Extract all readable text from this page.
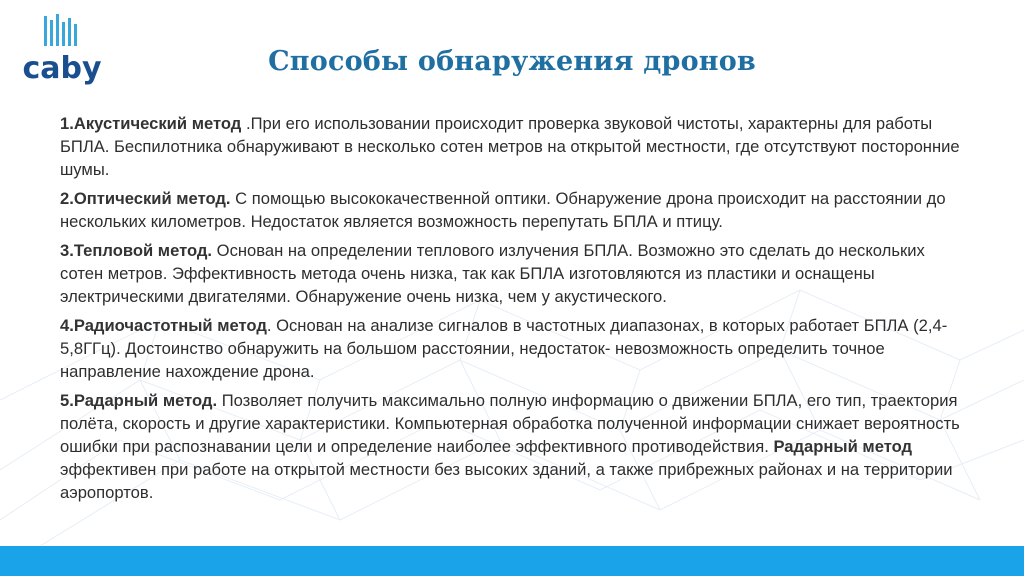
caby	Способы обнаружения дронов

1.Акустический метод .При его использовании происходит проверка звуковой чистоты, характерны для работы БПЛА. Беспилотника обнаруживают в несколько сотен метров на открытой местности, где отсутствуют посторонние шумы.

2.Оптический метод. С помощью высококачественной оптики. Обнаружение дрона происходит на расстоянии до нескольких километров. Недостаток является возможность перепутать БПЛА и птицу.

3.Тепловой метод. Основан на определении теплового излучения БПЛА. Возможно это сделать до нескольких сотен метров. Эффективность метода очень низка, так как БПЛА изготовляются из пластики и оснащены электрическими двигателями. Обнаружение очень низка, чем у акустического.

4.Радиочастотный метод. Основан на анализе сигналов в частотных диапазонах, в которых работает БПЛА (2,4-5,8ГГц). Достоинство обнаружить на большом расстоянии, недостаток- невозможность определить точное направление нахождение дрона.

5.Радарный метод. Позволяет получить максимально полную информацию о движении БПЛА, его тип, траектория полёта, скорость и другие характеристики. Компьютерная обработка полученной информации снижает вероятность ошибки при распознавании цели и определение наиболее эффективного противодействия. Радарный метод эффективен при работе на открытой местности без высоких зданий, а также прибрежных районах и на территории аэропортов.
